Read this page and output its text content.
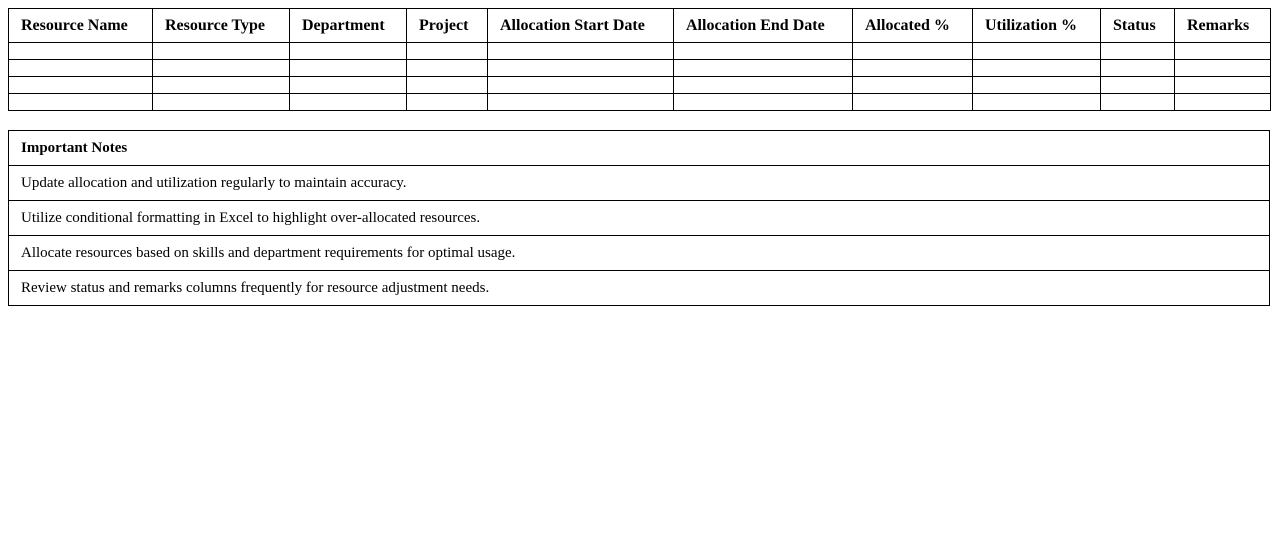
Resource Name	Resource Type	Department	Project	Allocation Start Date	Allocation End Date	Allocated %	Utilization %	Status	Remarks

Important Notes
Update allocation and utilization regularly to maintain accuracy.
Utilize conditional formatting in Excel to highlight over-allocated resources.
Allocate resources based on skills and department requirements for optimal usage.
Review status and remarks columns frequently for resource adjustment needs.
